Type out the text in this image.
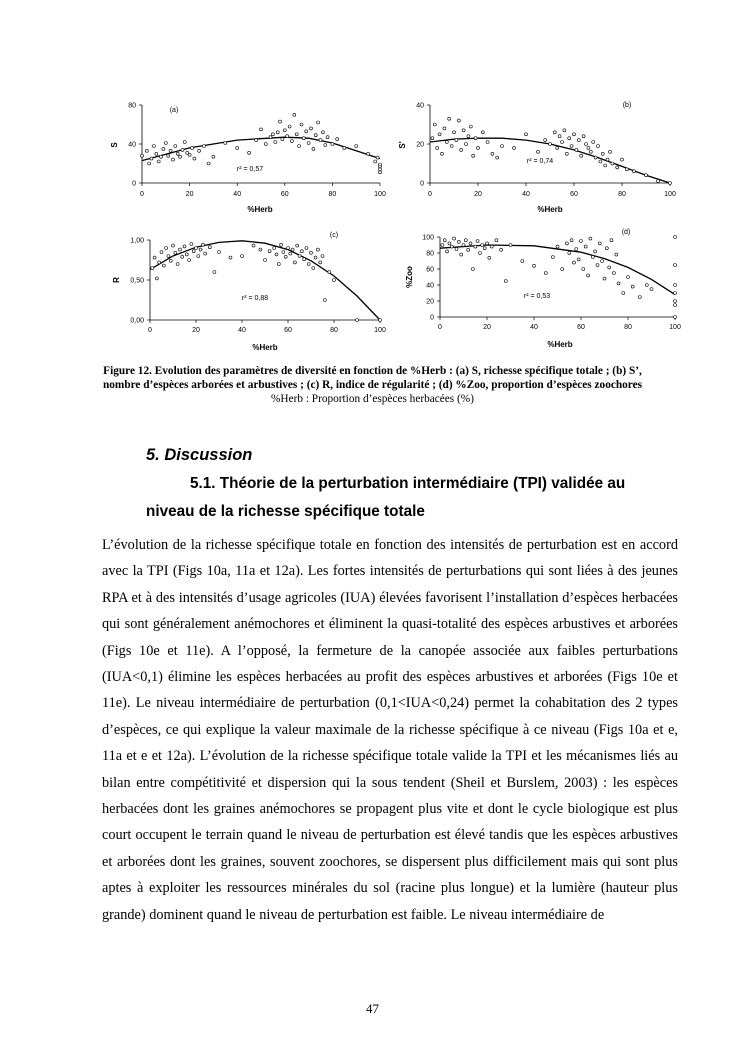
0	20	40	60	80	100
0
40
80
%Herb
S
(a)
r² = 0,57
0	20	40	60	80	100
0
20
40
%Herb
S'
(b)
r² = 0,74
0	20	40	60	80	100
0,00
0,50
1,00
%Herb
R
(c)
r² = 0,88
0	20	40	60	80	100
0
20
40
60
80
100
%Herb
%Zoo
(d)
r² = 0,53
Figure 12. Evolution des paramètres de diversité en fonction de %Herb : (a) S, richesse spécifique totale ; (b) S’, nombre d’espèces arborées et arbustives ; (c) R, indice de régularité ; (d) %Zoo, proportion d’espèces zoochores
%Herb : Proportion d’espèces herbacées (%)
5. Discussion
5.1. Théorie de la perturbation intermédiaire (TPI) validée au
niveau de la richesse spécifique totale
L’évolution de la richesse spécifique totale en fonction des intensités de perturbation est en accord avec la TPI (Figs 10a, 11a et 12a). Les fortes intensités de perturbations qui sont liées à des jeunes RPA et à des intensités d’usage agricoles (IUA) élevées favorisent l’installation d’espèces herbacées qui sont généralement anémochores et éliminent la quasi-totalité des espèces arbustives et arborées (Figs 10e et 11e). A l’opposé, la fermeture de la canopée associée aux faibles perturbations (IUA<0,1) élimine les espèces herbacées au profit des espèces arbustives et arborées (Figs 10e et 11e). Le niveau intermédiaire de perturbation (0,1<IUA<0,24) permet la cohabitation des 2 types d’espèces, ce qui explique la valeur maximale de la richesse spécifique à ce niveau (Figs 10a et e, 11a et e et 12a). L’évolution de la richesse spécifique totale valide la TPI et les mécanismes liés au bilan entre compétitivité et dispersion qui la sous tendent (Sheil et Burslem, 2003) : les espèces herbacées dont les graines anémochores se propagent plus vite et dont le cycle biologique est plus court occupent le terrain quand le niveau de perturbation est élevé tandis que les espèces arbustives et arborées dont les graines, souvent zoochores, se dispersent plus difficilement mais qui sont plus aptes à exploiter les ressources minérales du sol (racine plus longue) et la lumière (hauteur plus grande) dominent quand le niveau de perturbation est faible. Le niveau intermédiaire de
47
